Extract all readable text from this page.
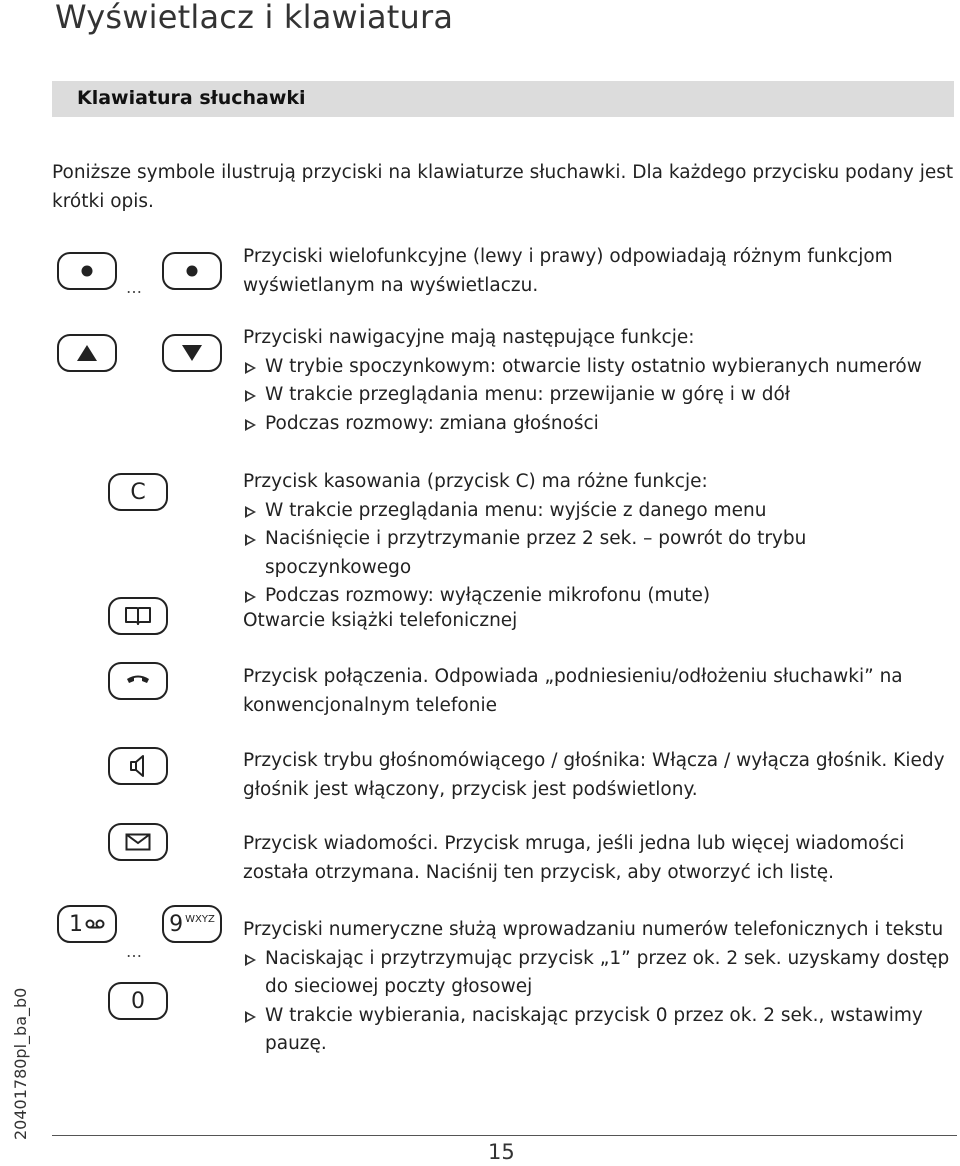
Wyświetlacz i klawiatura
Klawiatura słuchawki
Poniższe symbole ilustrują przyciski na klawiaturze słuchawki. Dla każdego przycisku podany jest krótki opis.
…

Przyciski wielofunkcyjne (lewy i prawy) odpowiadają różnym funkcjom wyświetlanym na wyświetlaczu.

Przyciski nawigacyjne mają następujące funkcje:

W trybie spoczynkowym: otwarcie listy ostatnio wybieranych numerów

W trakcie przeglądania menu: przewijanie w górę i w dół

Podczas rozmowy: zmiana głośności

C	Przycisk kasowania (przycisk C) ma różne funkcje:

W trakcie przeglądania menu: wyjście z danego menu

Naciśnięcie i przytrzymanie przez 2 sek. – powrót do trybu spoczynkowego

Podczas rozmowy: wyłączenie mikrofonu (mute)

Otwarcie książki telefonicznej

Przycisk połączenia. Odpowiada „podniesieniu/odłożeniu słuchawki” na konwencjonalnym telefonie

Przycisk trybu głośnomówiącego / głośnika: Włącza / wyłącza głośnik. Kiedy głośnik jest włączony, przycisk jest podświetlony.

Przycisk wiadomości. Przycisk mruga, jeśli jedna lub więcej wiadomości została otrzymana. Naciśnij ten przycisk, aby otworzyć ich listę.

1
…
9 WXYZ
0

Przyciski numeryczne służą wprowadzaniu numerów telefonicznych i tekstu

Naciskając i przytrzymując przycisk „1” przez ok. 2 sek. uzyskamy dostęp do sieciowej poczty głosowej

W trakcie wybierania, naciskając przycisk 0 przez ok. 2 sek., wstawimy pauzę.

15
20401780pl_ba_b0
